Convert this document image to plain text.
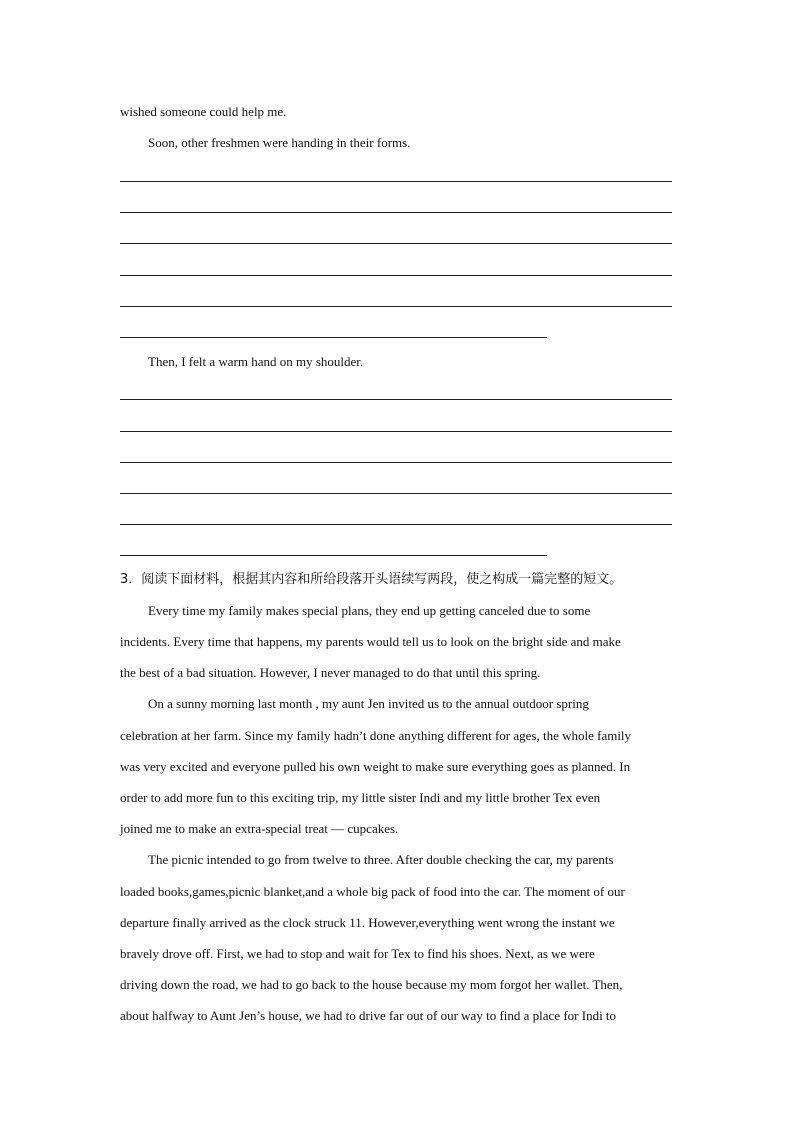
wished someone could help me.
Soon, other freshmen were handing in their forms.
Then, I felt a warm hand on my shoulder.
3．阅读下面材料，根据其内容和所给段落开头语续写两段，使之构成一篇完整的短文。
Every time my family makes special plans, they end up getting canceled due to some
incidents. Every time that happens, my parents would tell us to look on the bright side and make
the best of a bad situation. However, I never managed to do that until this spring.
On a sunny morning last month , my aunt Jen invited us to the annual outdoor spring
celebration at her farm. Since my family hadn’t done anything different for ages, the whole family
was very excited and everyone pulled his own weight to make sure everything goes as planned. In
order to add more fun to this exciting trip, my little sister Indi and my little brother Tex even
joined me to make an extra-special treat — cupcakes.
The picnic intended to go from twelve to three. After double checking the car, my parents
loaded books,games,picnic blanket,and a whole big pack of food into the car. The moment of our
departure finally arrived as the clock struck 11. However,everything went wrong the instant we
bravely drove off. First, we had to stop and wait for Tex to find his shoes. Next, as we were
driving down the road, we had to go back to the house because my mom forgot her wallet. Then,
about halfway to Aunt Jen’s house, we had to drive far out of our way to find a place for Indi to
